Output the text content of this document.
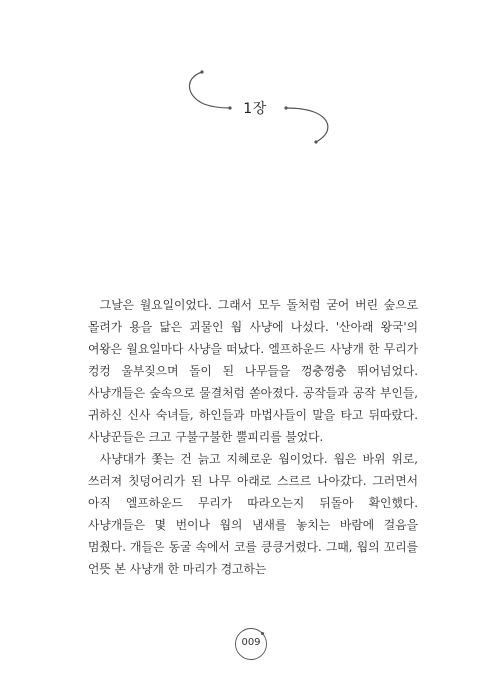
1장

그날은 월요일이었다. 그래서 모두 돌처럼 굳어 버린 숲으로 몰려가 용을 닮은 괴물인 웜 사냥에 나섰다. '산아래 왕국'의 여왕은 월요일마다 사냥을 떠났다. 엘프하운드 사냥개 한 무리가 컹컹 울부짖으며 돌이 된 나무들을 껑충껑충 뛰어넘었다. 사냥개들은 숲속으로 물결처럼 쏟아졌다. 공작들과 공작 부인들, 귀하신 신사 숙녀들, 하인들과 마법사들이 말을 타고 뒤따랐다. 사냥꾼들은 크고 구불구불한 뿔피리를 불었다.

사냥대가 쫓는 건 늙고 지혜로운 웜이었다. 웜은 바위 위로, 쓰러져 칫덩어리가 된 나무 아래로 스르르 나아갔다. 그러면서 아직 엘프하운드 무리가 따라오는지 뒤돌아 확인했다. 사냥개들은 몇 번이나 웜의 냄새를 놓치는 바람에 걸음을 멈췄다. 개들은 동굴 속에서 코를 킁킁거렸다. 그때, 웜의 꼬리를 언뜻 본 사냥개 한 마리가 경고하는

009
